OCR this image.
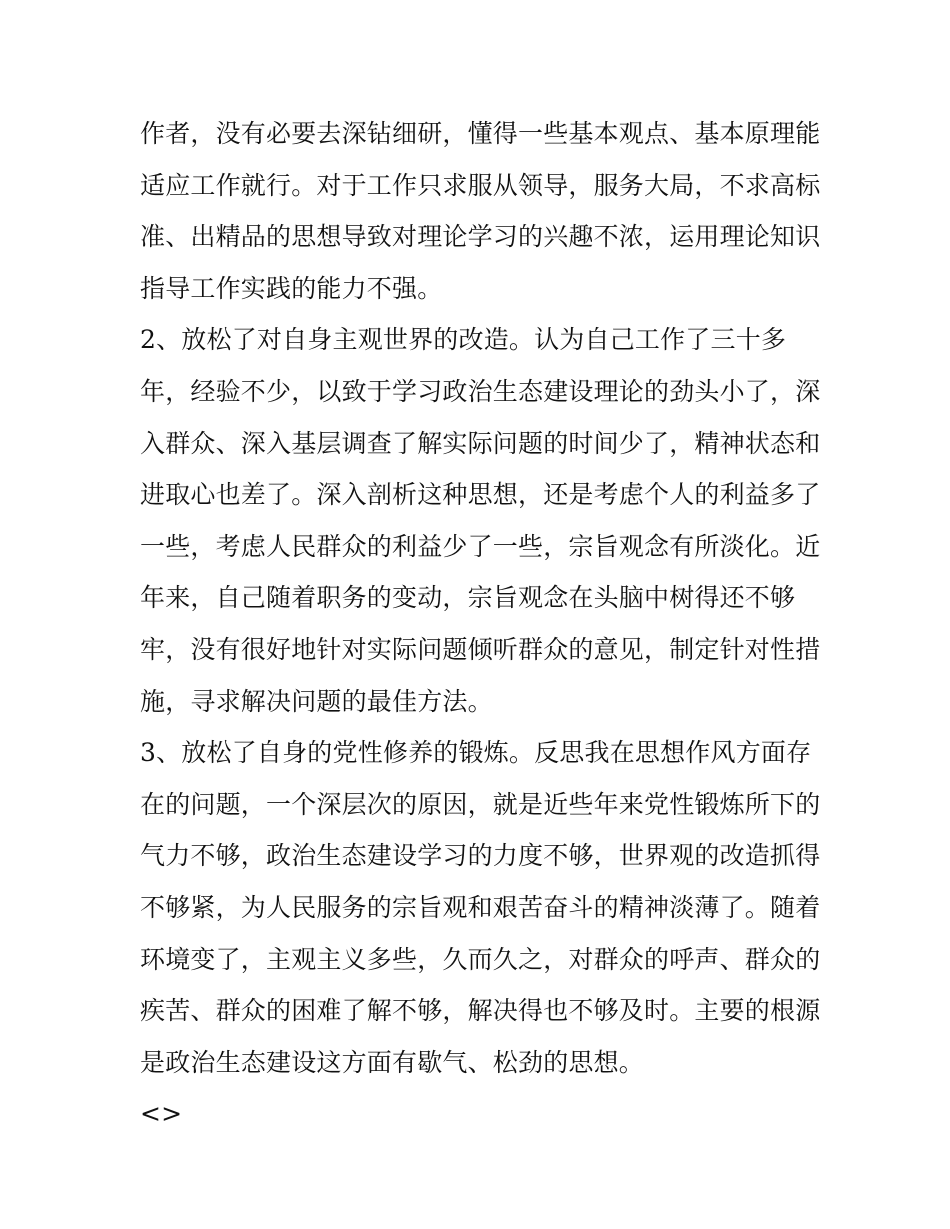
作者，没有必要去深钻细研，懂得一些基本观点、基本原理能
适应工作就行。对于工作只求服从领导，服务大局，不求高标
准、出精品的思想导致对理论学习的兴趣不浓，运用理论知识
指导工作实践的能力不强。
2、放松了对自身主观世界的改造。认为自己工作了三十多
年，经验不少，以致于学习政治生态建设理论的劲头小了，深
入群众、深入基层调查了解实际问题的时间少了，精神状态和
进取心也差了。深入剖析这种思想，还是考虑个人的利益多了
一些，考虑人民群众的利益少了一些，宗旨观念有所淡化。近
年来，自己随着职务的变动，宗旨观念在头脑中树得还不够
牢，没有很好地针对实际问题倾听群众的意见，制定针对性措
施，寻求解决问题的最佳方法。
3、放松了自身的党性修养的锻炼。反思我在思想作风方面存
在的问题，一个深层次的原因，就是近些年来党性锻炼所下的
气力不够，政治生态建设学习的力度不够，世界观的改造抓得
不够紧，为人民服务的宗旨观和艰苦奋斗的精神淡薄了。随着
环境变了，主观主义多些，久而久之，对群众的呼声、群众的
疾苦、群众的困难了解不够，解决得也不够及时。主要的根源
是政治生态建设这方面有歇气、松劲的思想。
<>
